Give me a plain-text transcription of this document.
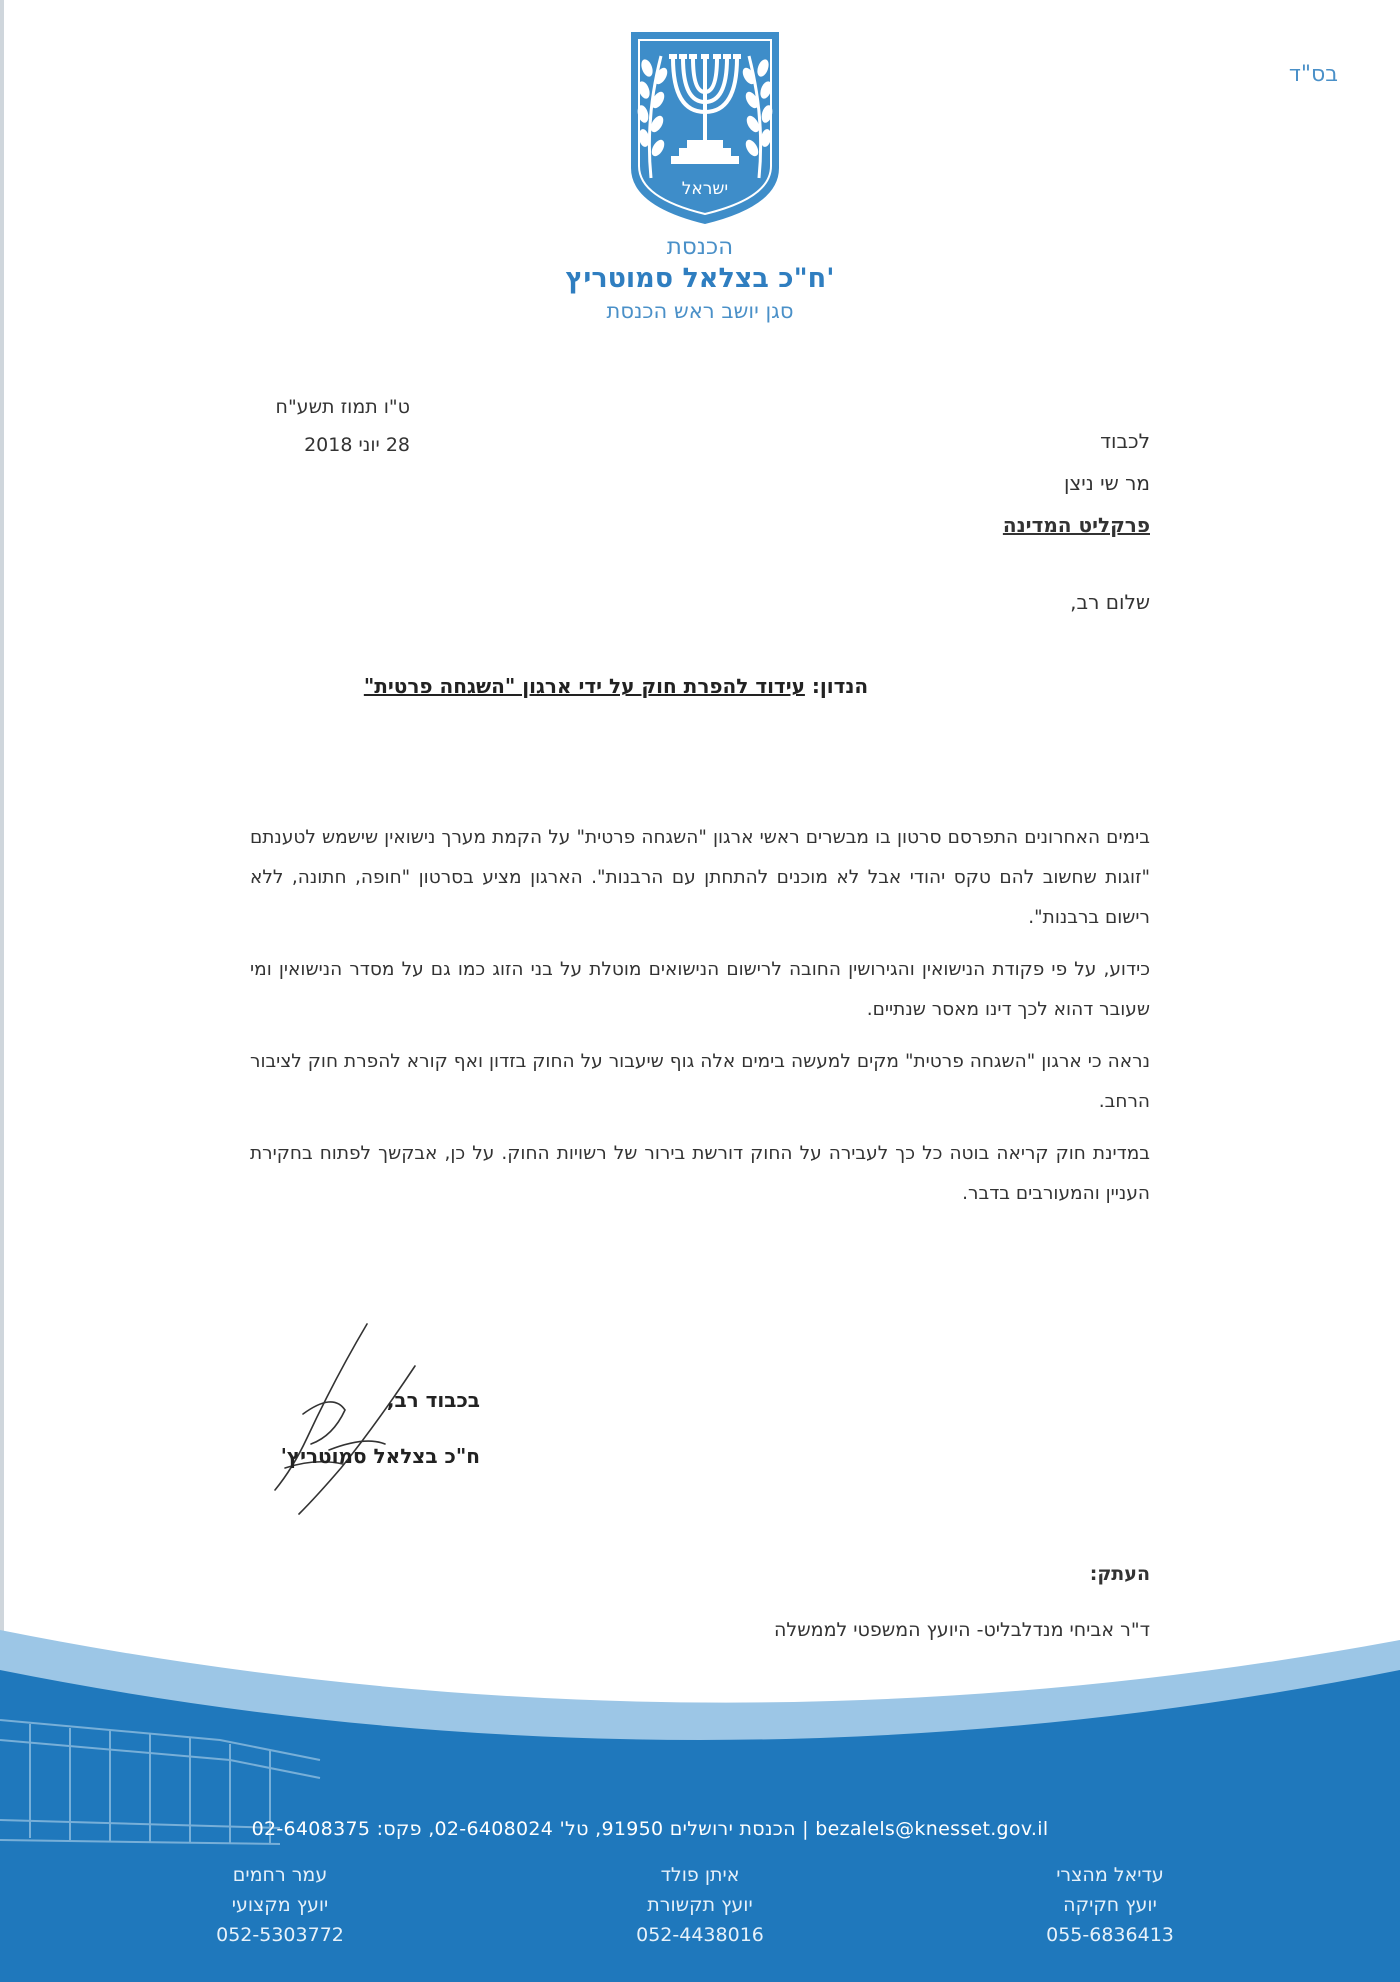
בס"ד
ישראל
הכנסת
ח"כ בצלאל סמוטריץ'
סגן יושב ראש הכנסת
ט"ו תמוז תשע"ח
28 יוני 2018	לכבוד
מר שי ניצן
פרקליט המדינה
שלום רב,
הנדון: עידוד להפרת חוק על ידי ארגון "השגחה פרטית"

בימים האחרונים התפרסם סרטון בו מבשרים ראשי ארגון "השגחה פרטית" על הקמת מערך נישואין שישמש לטענתם "זוגות שחשוב להם טקס יהודי אבל לא מוכנים להתחתן עם הרבנות". הארגון מציע בסרטון "חופה, חתונה, ללא רישום ברבנות".

כידוע, על פי פקודת הנישואין והגירושין החובה לרישום הנישואים מוטלת על בני הזוג כמו גם על מסדר הנישואין ומי שעובר דהוא לכך דינו מאסר שנתיים.

נראה כי ארגון "השגחה פרטית" מקים למעשה בימים אלה גוף שיעבור על החוק בזדון ואף קורא להפרת חוק לציבור הרחב.

במדינת חוק קריאה בוטה כל כך לעבירה על החוק דורשת בירור של רשויות החוק. על כן, אבקשך לפתוח בחקירת העניין והמעורבים בדבר.

בכבוד רב,
ח"כ בצלאל סמוטריץ'
העתק:
ד"ר אביחי מנדלבליט- היועץ המשפטי לממשלה
הכנסת ירושלים 91950, טל' 02-6408024, פקס: 02-6408375 | bezalels@knesset.gov.il
עדיאל מהצרי
יועץ חקיקה
055-6836413
איתן פולד
יועץ תקשורת
052-4438016
עמר רחמים
יועץ מקצועי
052-5303772
